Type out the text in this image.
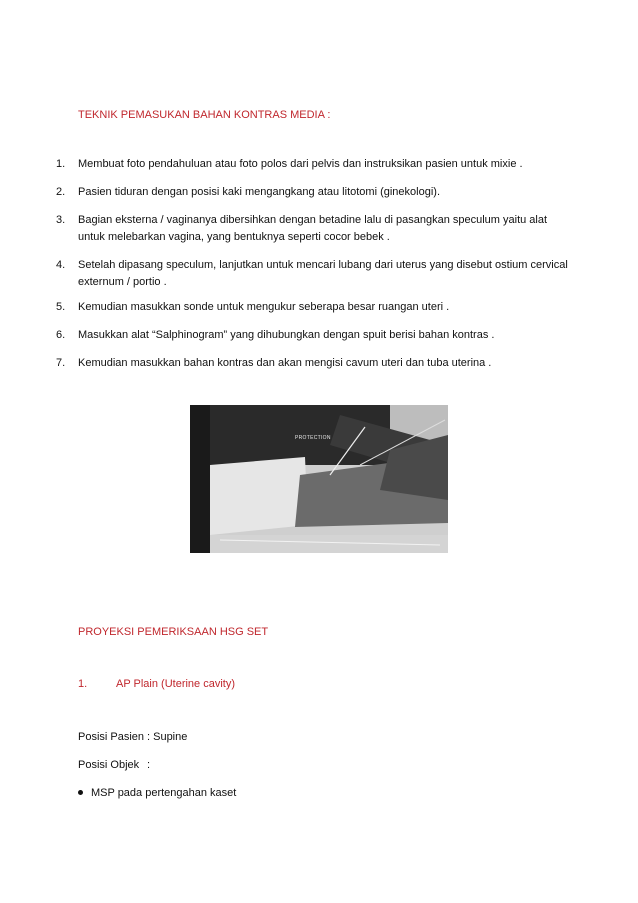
TEKNIK PEMASUKAN BAHAN KONTRAS MEDIA :
1.	Membuat foto pendahuluan atau foto polos dari pelvis dan instruksikan pasien untuk mixie .
2.	Pasien tiduran dengan posisi kaki mengangkang atau litotomi (ginekologi).
3.	Bagian eksterna / vaginanya dibersihkan dengan betadine lalu di pasangkan speculum yaitu alat untuk melebarkan vagina, yang bentuknya seperti cocor bebek .
4.	Setelah dipasang speculum, lanjutkan untuk mencari lubang dari uterus yang disebut ostium cervical externum / portio .
5.	Kemudian masukkan sonde untuk mengukur seberapa besar ruangan uteri .
6.	Masukkan alat “Salphinogram” yang dihubungkan dengan spuit berisi bahan kontras .
7.	Kemudian masukkan bahan kontras dan akan mengisi cavum uteri dan tuba uterina .
PROTECTION
PROYEKSI PEMERIKSAAN HSG SET
1.	AP Plain (Uterine cavity)
Posisi Pasien : Supine
Posisi Objek :
MSP pada pertengahan kaset
